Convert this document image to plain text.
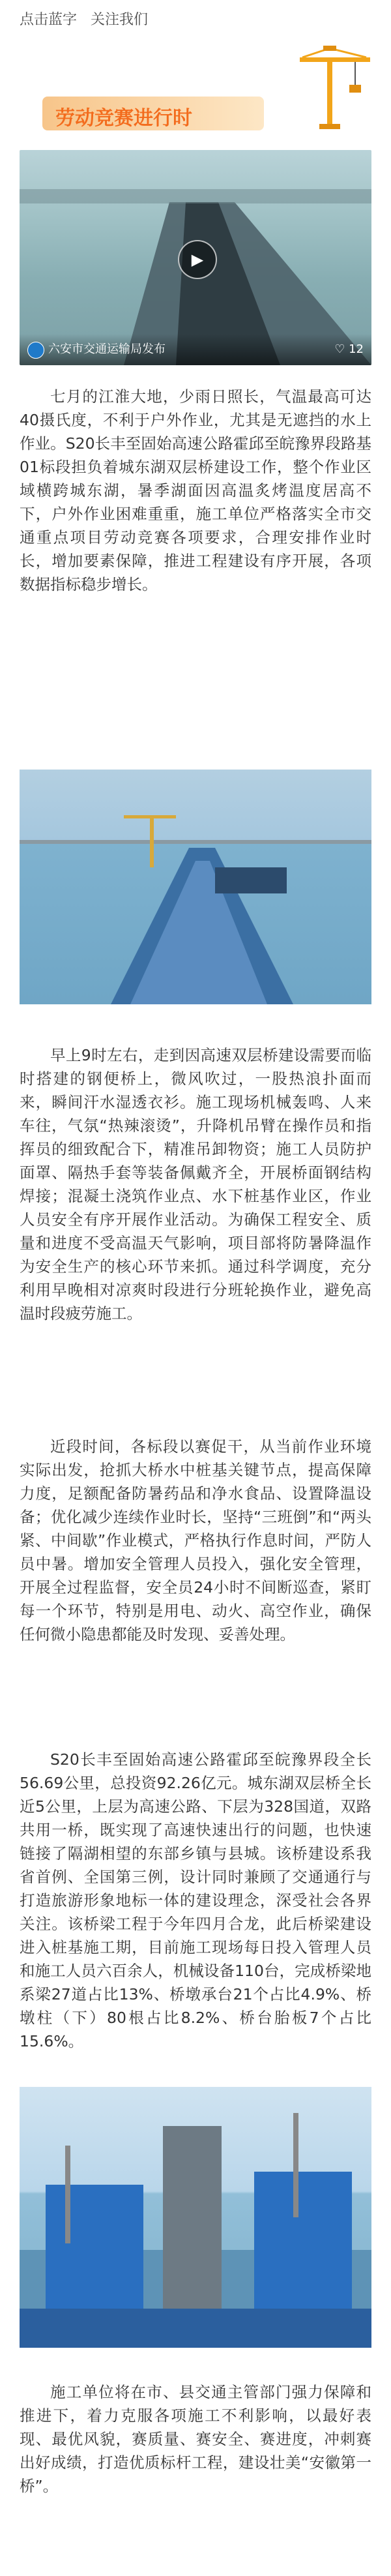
点击蓝字 关注我们
劳动竞赛进行时
▶
六安市交通运输局发布	♡ 12

七月的江淮大地，少雨日照长，气温最高可达40摄氏度，不利于户外作业，尤其是无遮挡的水上作业。S20长丰至固始高速公路霍邱至皖豫界段路基01标段担负着城东湖双层桥建设工作，整个作业区域横跨城东湖，暑季湖面因高温炙烤温度居高不下，户外作业困难重重，施工单位严格落实全市交通重点项目劳动竞赛各项要求，合理安排作业时长，增加要素保障，推进工程建设有序开展，各项数据指标稳步增长。

早上9时左右，走到因高速双层桥建设需要而临时搭建的钢便桥上，微风吹过，一股热浪扑面而来，瞬间汗水湿透衣衫。施工现场机械轰鸣、人来车往，气氛“热辣滚烫”，升降机吊臂在操作员和指挥员的细致配合下，精准吊卸物资；施工人员防护面罩、隔热手套等装备佩戴齐全，开展桥面钢结构焊接；混凝土浇筑作业点、水下桩基作业区，作业人员安全有序开展作业活动。为确保工程安全、质量和进度不受高温天气影响，项目部将防暑降温作为安全生产的核心环节来抓。通过科学调度，充分利用早晚相对凉爽时段进行分班轮换作业，避免高温时段疲劳施工。

近段时间，各标段以赛促干，从当前作业环境实际出发，抢抓大桥水中桩基关键节点，提高保障力度，足额配备防暑药品和净水食品、设置降温设备；优化减少连续作业时长，坚持“三班倒”和“两头紧、中间歇”作业模式，严格执行作息时间，严防人员中暑。增加安全管理人员投入，强化安全管理，开展全过程监督，安全员24小时不间断巡查，紧盯每一个环节，特别是用电、动火、高空作业，确保任何微小隐患都能及时发现、妥善处理。

S20长丰至固始高速公路霍邱至皖豫界段全长56.69公里，总投资92.26亿元。城东湖双层桥全长近5公里，上层为高速公路、下层为328国道，双路共用一桥，既实现了高速快速出行的问题，也快速链接了隔湖相望的东部乡镇与县城。该桥建设系我省首例、全国第三例，设计同时兼顾了交通通行与打造旅游形象地标一体的建设理念，深受社会各界关注。该桥梁工程于今年四月合龙，此后桥梁建设进入桩基施工期，目前施工现场每日投入管理人员和施工人员六百余人，机械设备110台，完成桥梁地系梁27道占比13%、桥墩承台21个占比4.9%、桥墩柱（下）80根占比8.2%、桥台胎板7个占比15.6%。

施工单位将在市、县交通主管部门强力保障和推进下，着力克服各项施工不利影响，以最好表现、最优风貌，赛质量、赛安全、赛进度，冲刺赛出好成绩，打造优质标杆工程，建设壮美“安徽第一桥”。
